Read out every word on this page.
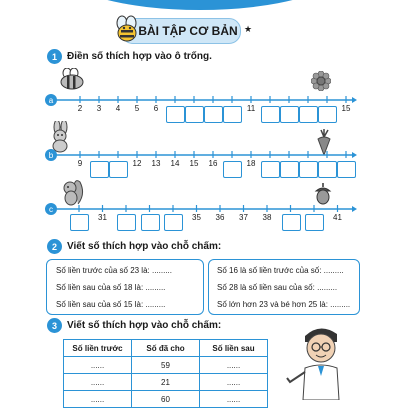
BÀI TẬP CƠ BẢN ★
1	Điền số thích hợp vào ô trống.
a
2	3	4	5	6	11	15
b
9	12	13	14	15	16	18
c
31	35	36	37	38	41
2	Viết số thích hợp vào chỗ chấm:
Số liền trước của số 23 là: .........
Số liền sau của số 18 là: .........
Số liền sau của số 15 là: .........
Số 16 là số liền trước của số: .........
Số 28 là số liền sau của số: .........
Số lớn hơn 23 và bé hơn 25 là: .........
3	Viết số thích hợp vào chỗ chấm:
Số liền trước	Số đã cho	Số liền sau
......	59	......
......	21	......
......	60	......
